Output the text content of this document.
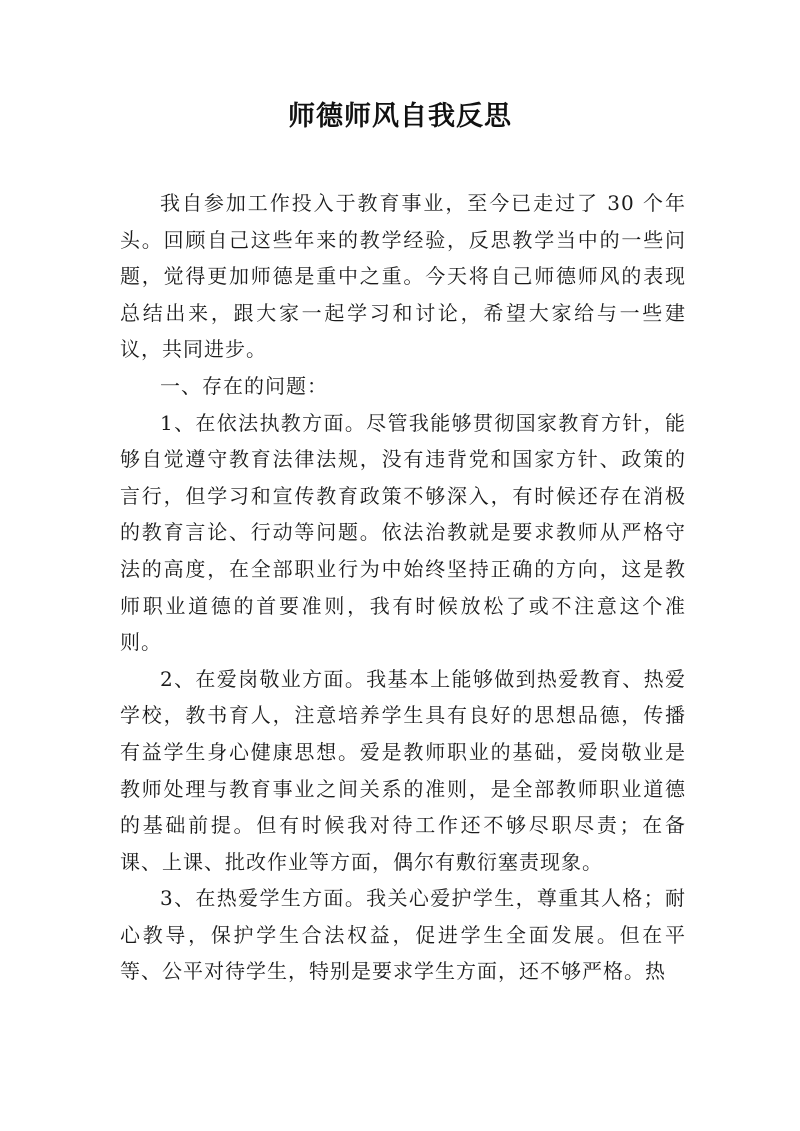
师德师风自我反思

我自参加工作投入于教育事业，至今已走过了 30 个年头。回顾自己这些年来的教学经验，反思教学当中的一些问题，觉得更加师德是重中之重。今天将自己师德师风的表现总结出来，跟大家一起学习和讨论，希望大家给与一些建议，共同进步。

一、存在的问题：

1、在依法执教方面。尽管我能够贯彻国家教育方针，能够自觉遵守教育法律法规，没有违背党和国家方针、政策的言行，但学习和宣传教育政策不够深入，有时候还存在消极的教育言论、行动等问题。依法治教就是要求教师从严格守法的高度，在全部职业行为中始终坚持正确的方向，这是教师职业道德的首要准则，我有时候放松了或不注意这个准则。

2、在爱岗敬业方面。我基本上能够做到热爱教育、热爱学校，教书育人，注意培养学生具有良好的思想品德，传播有益学生身心健康思想。爱是教师职业的基础，爱岗敬业是教师处理与教育事业之间关系的准则，是全部教师职业道德的基础前提。但有时候我对待工作还不够尽职尽责；在备课、上课、批改作业等方面，偶尔有敷衍塞责现象。

3、在热爱学生方面。我关心爱护学生，尊重其人格；耐心教导，保护学生合法权益，促进学生全面发展。但在平等、公平对待学生，特别是要求学生方面，还不够严格。热
